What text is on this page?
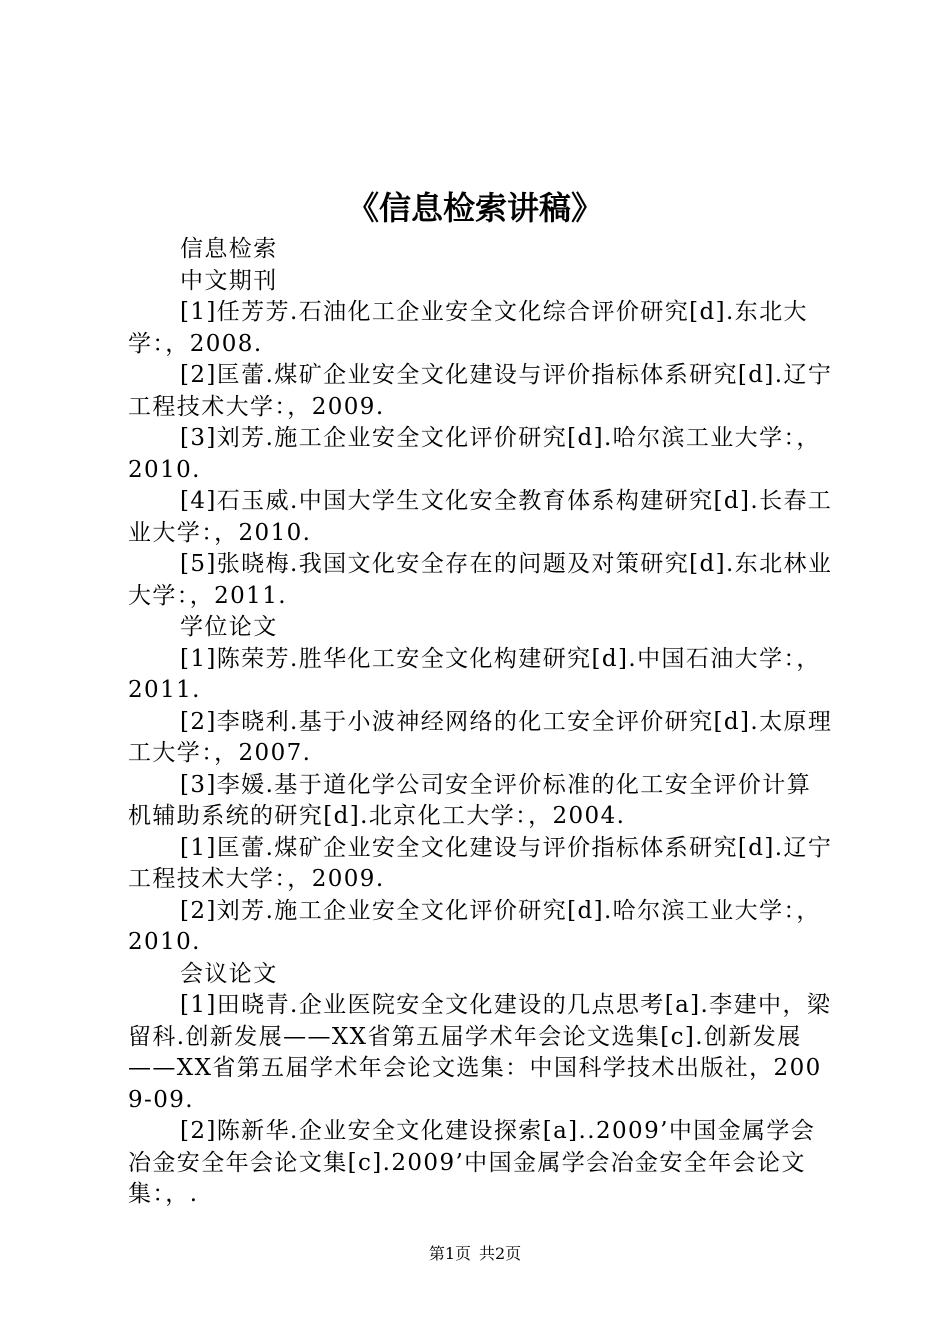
《信息检索讲稿》

信息检索

中文期刊

[1]任芳芳.石油化工企业安全文化综合评价研究[d].东北大学：，2008.

[2]匡蕾.煤矿企业安全文化建设与评价指标体系研究[d].辽宁工程技术大学：，2009.

[3]刘芳.施工企业安全文化评价研究[d].哈尔滨工业大学：，2010.

[4]石玉威.中国大学生文化安全教育体系构建研究[d].长春工业大学：，2010.

[5]张晓梅.我国文化安全存在的问题及对策研究[d].东北林业大学：，2011.

学位论文

[1]陈荣芳.胜华化工安全文化构建研究[d].中国石油大学：，2011.

[2]李晓利.基于小波神经网络的化工安全评价研究[d].太原理工大学：，2007.

[3]李媛.基于道化学公司安全评价标准的化工安全评价计算机辅助系统的研究[d].北京化工大学：，2004.

[1]匡蕾.煤矿企业安全文化建设与评价指标体系研究[d].辽宁工程技术大学：，2009.

[2]刘芳.施工企业安全文化评价研究[d].哈尔滨工业大学：，2010.

会议论文

[1]田晓青.企业医院安全文化建设的几点思考[a].李建中，梁留科.创新发展——XX省第五届学术年会论文选集[c].创新发展——XX省第五届学术年会论文选集：中国科学技术出版社，2009-09.

[2]陈新华.企业安全文化建设探索[a]..2009’中国金属学会冶金安全年会论文集[c].2009’中国金属学会冶金安全年会论文集：，.

第1页 共2页
